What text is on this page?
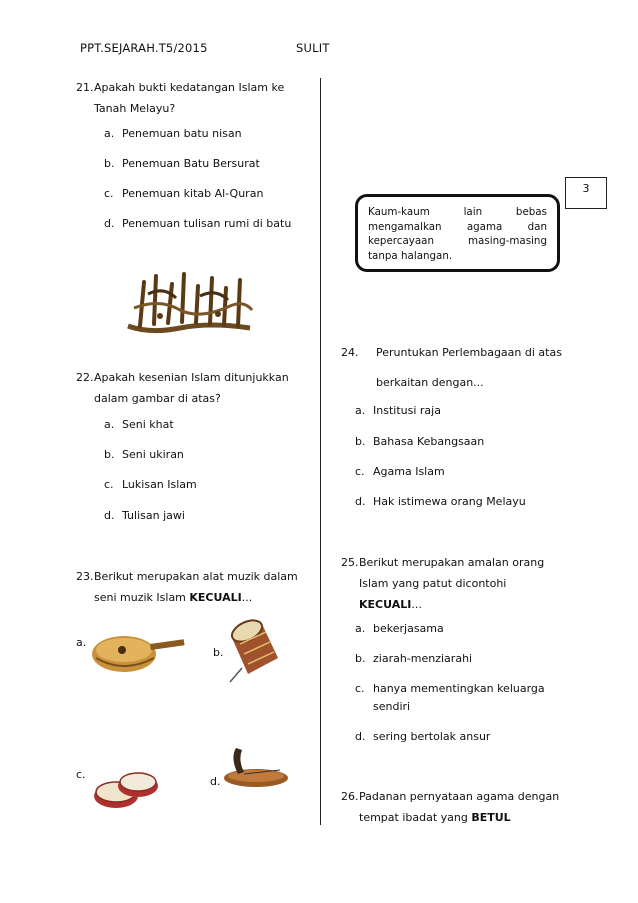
PPT.SEJARAH.T5/2015	SULIT
21.Apakah bukti kedatangan Islam ke
Tanah Melayu?
a. Penemuan batu nisan
b. Penemuan Batu Bersurat
c. Penemuan kitab Al-Quran
d. Penemuan tulisan rumi di batu
22.Apakah kesenian Islam ditunjukkan
dalam gambar di atas?
a. Seni khat
b. Seni ukiran
c. Lukisan Islam
d. Tulisan jawi
23.Berikut merupakan alat muzik dalam
seni muzik Islam KECUALI...
a.
b.
c.
d.
3
Kaum-kaum lain bebas mengamalkan agama dan kepercayaan masing-masing tanpa halangan.
24. Peruntukan Perlembagaan di atas
berkaitan dengan...
a. Institusi raja
b. Bahasa Kebangsaan
c. Agama Islam
d. Hak istimewa orang Melayu
25.Berikut merupakan amalan orang
Islam yang patut dicontohi
KECUALI...
a. bekerjasama
b. ziarah-menziarahi
c. hanya mementingkan keluarga
sendiri
d. sering bertolak ansur
26.Padanan pernyataan agama dengan
tempat ibadat yang BETUL
